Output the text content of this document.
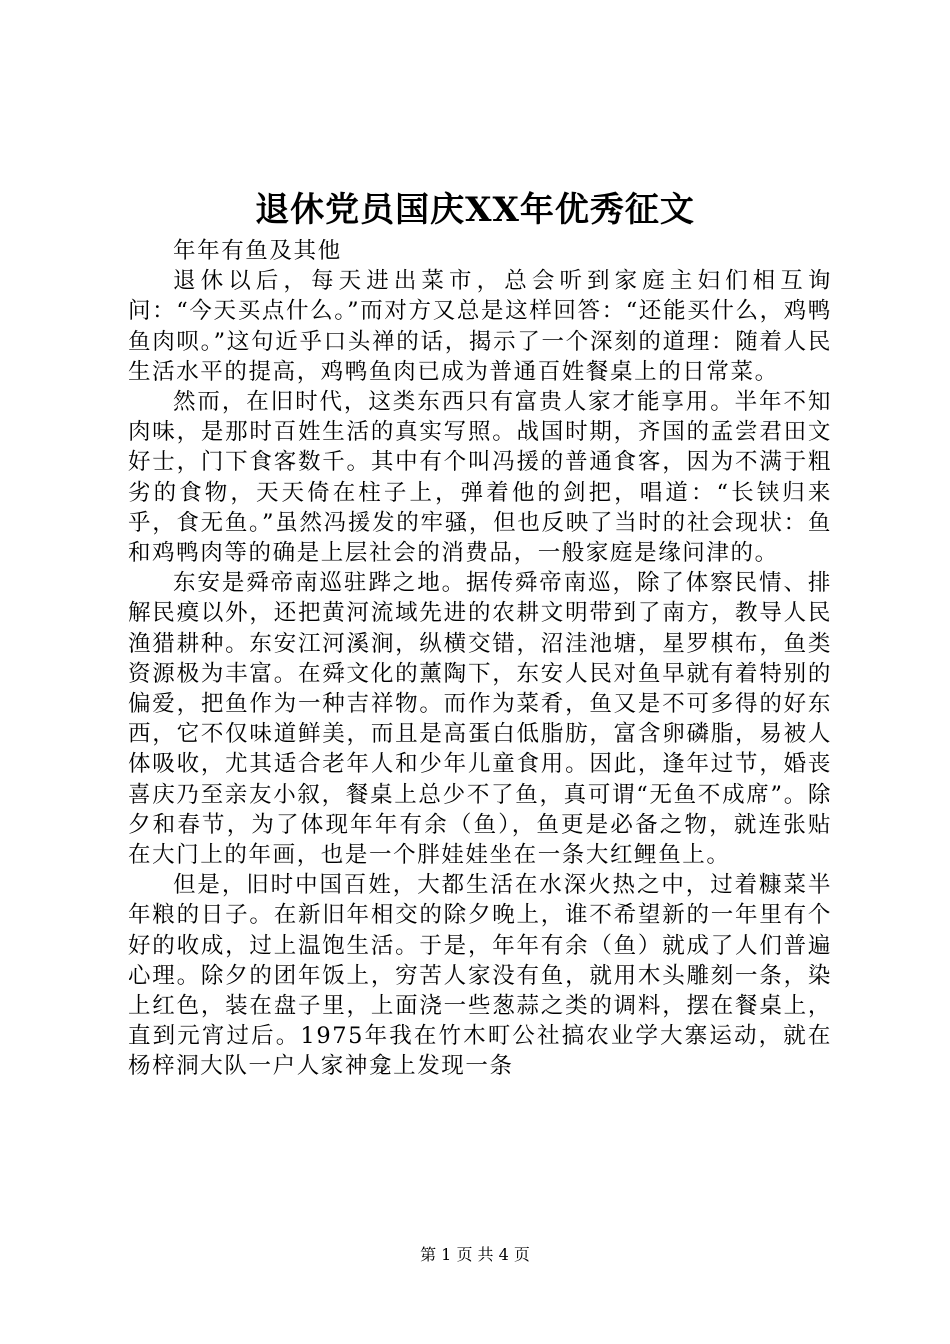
退休党员国庆XX年优秀征文

年年有鱼及其他

退休以后，每天进出菜市，总会听到家庭主妇们相互询问：“今天买点什么。”而对方又总是这样回答：“还能买什么，鸡鸭鱼肉呗。”这句近乎口头禅的话，揭示了一个深刻的道理：随着人民生活水平的提高，鸡鸭鱼肉已成为普通百姓餐桌上的日常菜。

然而，在旧时代，这类东西只有富贵人家才能享用。半年不知肉味，是那时百姓生活的真实写照。战国时期，齐国的孟尝君田文好士，门下食客数千。其中有个叫冯援的普通食客，因为不满于粗劣的食物，天天倚在柱子上，弹着他的剑把，唱道：“长铗归来乎，食无鱼。”虽然冯援发的牢骚，但也反映了当时的社会现状：鱼和鸡鸭肉等的确是上层社会的消费品，一般家庭是缘问津的。

东安是舜帝南巡驻跸之地。据传舜帝南巡，除了体察民情、排解民瘼以外，还把黄河流域先进的农耕文明带到了南方，教导人民渔猎耕种。东安江河溪涧，纵横交错，沼洼池塘，星罗棋布，鱼类资源极为丰富。在舜文化的薰陶下，东安人民对鱼早就有着特别的偏爱，把鱼作为一种吉祥物。而作为菜肴，鱼又是不可多得的好东西，它不仅味道鲜美，而且是高蛋白低脂肪，富含卵磷脂，易被人体吸收，尤其适合老年人和少年儿童食用。因此，逢年过节，婚丧喜庆乃至亲友小叙，餐桌上总少不了鱼，真可谓“无鱼不成席”。除夕和春节，为了体现年年有余（鱼），鱼更是必备之物，就连张贴在大门上的年画，也是一个胖娃娃坐在一条大红鲤鱼上。

但是，旧时中国百姓，大都生活在水深火热之中，过着糠菜半年粮的日子。在新旧年相交的除夕晚上，谁不希望新的一年里有个好的收成，过上温饱生活。于是，年年有余（鱼）就成了人们普遍心理。除夕的团年饭上，穷苦人家没有鱼，就用木头雕刻一条，染上红色，装在盘子里，上面浇一些葱蒜之类的调料，摆在餐桌上，直到元宵过后。1975年我在竹木町公社搞农业学大寨运动，就在杨梓洞大队一户人家神龛上发现一条

第 1 页 共 4 页
